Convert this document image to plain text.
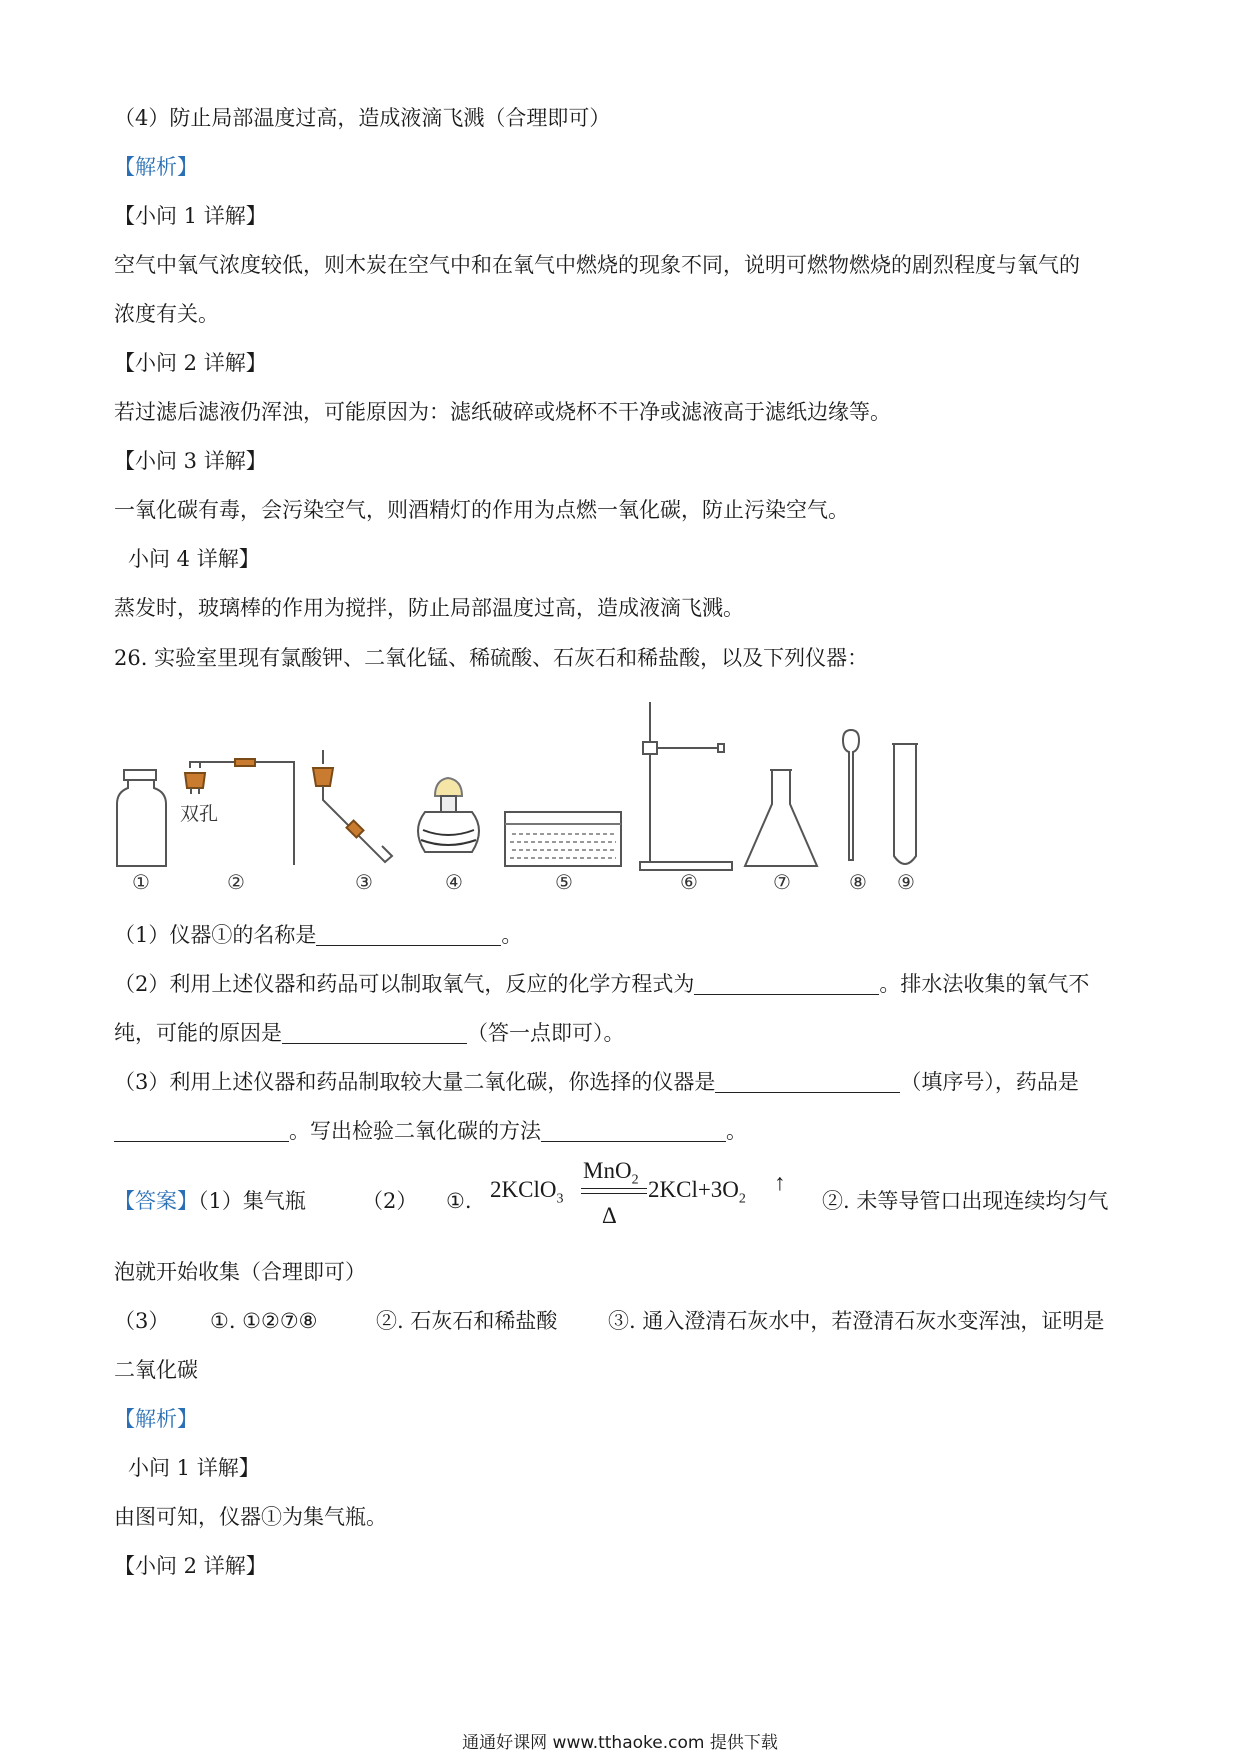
（4）防止局部温度过高，造成液滴飞溅（合理即可）
【解析】
【小问 1 详解】
空气中氧气浓度较低，则木炭在空气中和在氧气中燃烧的现象不同，说明可燃物燃烧的剧烈程度与氧气的
浓度有关。
【小问 2 详解】
若过滤后滤液仍浑浊，可能原因为：滤纸破碎或烧杯不干净或滤液高于滤纸边缘等。
【小问 3 详解】
一氧化碳有毒，会污染空气，则酒精灯的作用为点燃一氧化碳，防止污染空气。
小问 4 详解】
蒸发时，玻璃棒的作用为搅拌，防止局部温度过高，造成液滴飞溅。
26. 实验室里现有氯酸钾、二氧化锰、稀硫酸、石灰石和稀盐酸，以及下列仪器：
双孔
①	②	③	④	⑤	⑥	⑦	⑧ ⑨
（1）仪器①的名称是	。
（2）利用上述仪器和药品可以制取氧气，反应的化学方程式为	。排水法收集的氧气不
纯，可能的原因是	（答一点即可）。
（3）利用上述仪器和药品制取较大量二氧化碳，你选择的仪器是	（填序号），药品是
。写出检验二氧化碳的方法	。
【答案】（1）集气瓶	（2） ①. 2KClO$_3$
MnO$_2$
Δ
$2KCl+3O_2$
↑
②. 未等导管口出现连续均匀气
泡就开始收集（合理即可）
（3） ①. ①②⑦⑧	②. 石灰石和稀盐酸 ③. 通入澄清石灰水中，若澄清石灰水变浑浊，证明是
二氧化碳
【解析】
小问 1 详解】
由图可知，仪器①为集气瓶。
【小问 2 详解】
通通好课网 www.tthaoke.com 提供下载
